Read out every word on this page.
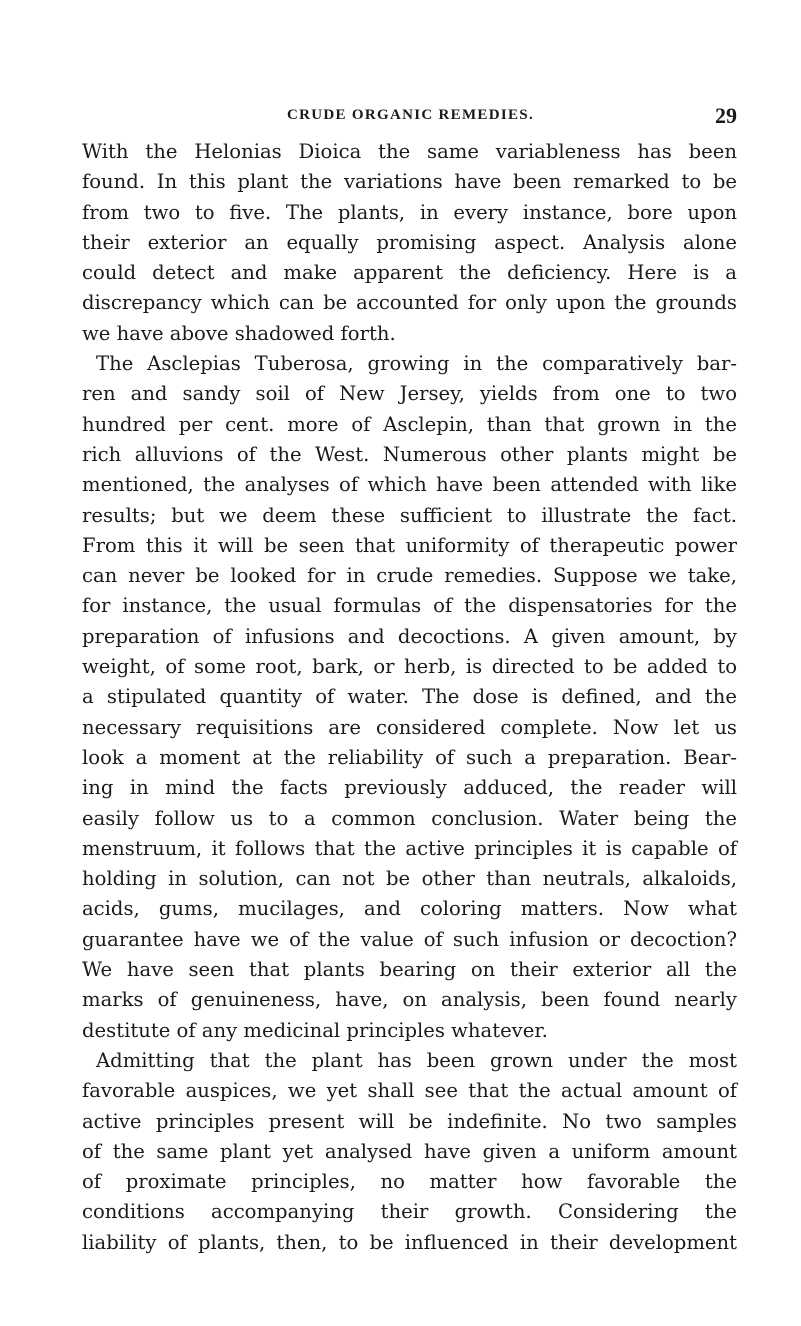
CRUDE ORGANIC REMEDIES.	29

With the Helonias Dioica the same variableness has been

found. In this plant the variations have been remarked to be

from two to five. The plants, in every instance, bore upon

their exterior an equally promising aspect. Analysis alone

could detect and make apparent the deficiency. Here is a

discrepancy which can be accounted for only upon the grounds

we have above shadowed forth.

The Asclepias Tuberosa, growing in the comparatively bar-

ren and sandy soil of New Jersey, yields from one to two

hundred per cent. more of Asclepin, than that grown in the

rich alluvions of the West. Numerous other plants might be

mentioned, the analyses of which have been attended with like

results; but we deem these sufficient to illustrate the fact.

From this it will be seen that uniformity of therapeutic power

can never be looked for in crude remedies. Suppose we take,

for instance, the usual formulas of the dispensatories for the

preparation of infusions and decoctions. A given amount, by

weight, of some root, bark, or herb, is directed to be added to

a stipulated quantity of water. The dose is defined, and the

necessary requisitions are considered complete. Now let us

look a moment at the reliability of such a preparation. Bear-

ing in mind the facts previously adduced, the reader will

easily follow us to a common conclusion. Water being the

menstruum, it follows that the active principles it is capable of

holding in solution, can not be other than neutrals, alkaloids,

acids, gums, mucilages, and coloring matters. Now what

guarantee have we of the value of such infusion or decoction?

We have seen that plants bearing on their exterior all the

marks of genuineness, have, on analysis, been found nearly

destitute of any medicinal principles whatever.

Admitting that the plant has been grown under the most

favorable auspices, we yet shall see that the actual amount of

active principles present will be indefinite. No two samples

of the same plant yet analysed have given a uniform amount

of proximate principles, no matter how favorable the

conditions accompanying their growth. Considering the

liability of plants, then, to be influenced in their development
